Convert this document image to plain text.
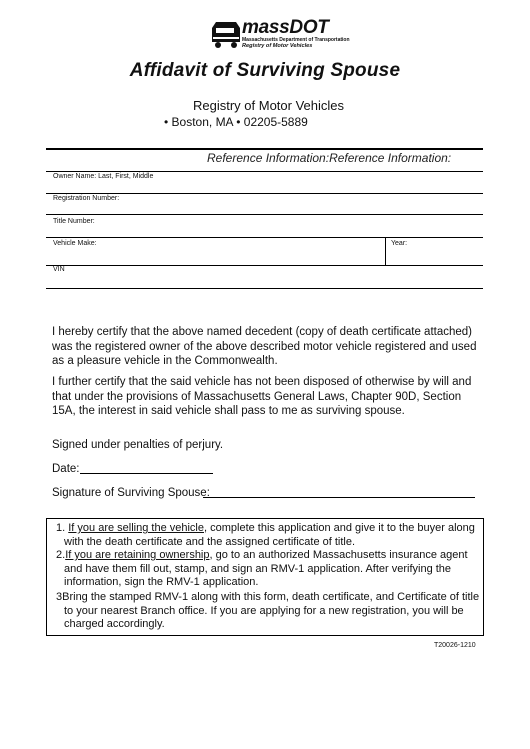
massDOT
Massachusetts Department of Transportation
Registry of Motor Vehicles
Affidavit of Surviving Spouse
Registry of Motor Vehicles
• Boston, MA • 02205-5889
Reference Information:Reference Information:
Owner Name: Last, First, Middle
Registration Number:
Title Number:
Vehicle Make:	Year:
VIN
I hereby certify that the above named decedent (copy of death certificate attached) was the registered owner of the above described motor vehicle registered and used as a pleasure vehicle in the Commonwealth.
I further certify that the said vehicle has not been disposed of otherwise by will and that under the provisions of Massachusetts General Laws, Chapter 90D, Section 15A, the interest in said vehicle shall pass to me as surviving spouse.
Signed under penalties of perjury.
Date:
Signature of Surviving Spouse:
1. If you are selling the vehicle, complete this application and give it to the buyer along with the death certificate and the assigned certificate of title.
2.If you are retaining ownership, go to an authorized Massachusetts insurance agent and have them fill out, stamp, and sign an RMV-1 application. After verifying the information, sign the RMV-1 application.
3Bring the stamped RMV-1 along with this form, death certificate, and Certificate of title to your nearest Branch office. If you are applying for a new registration, you will be charged accordingly.
T20026-1210
